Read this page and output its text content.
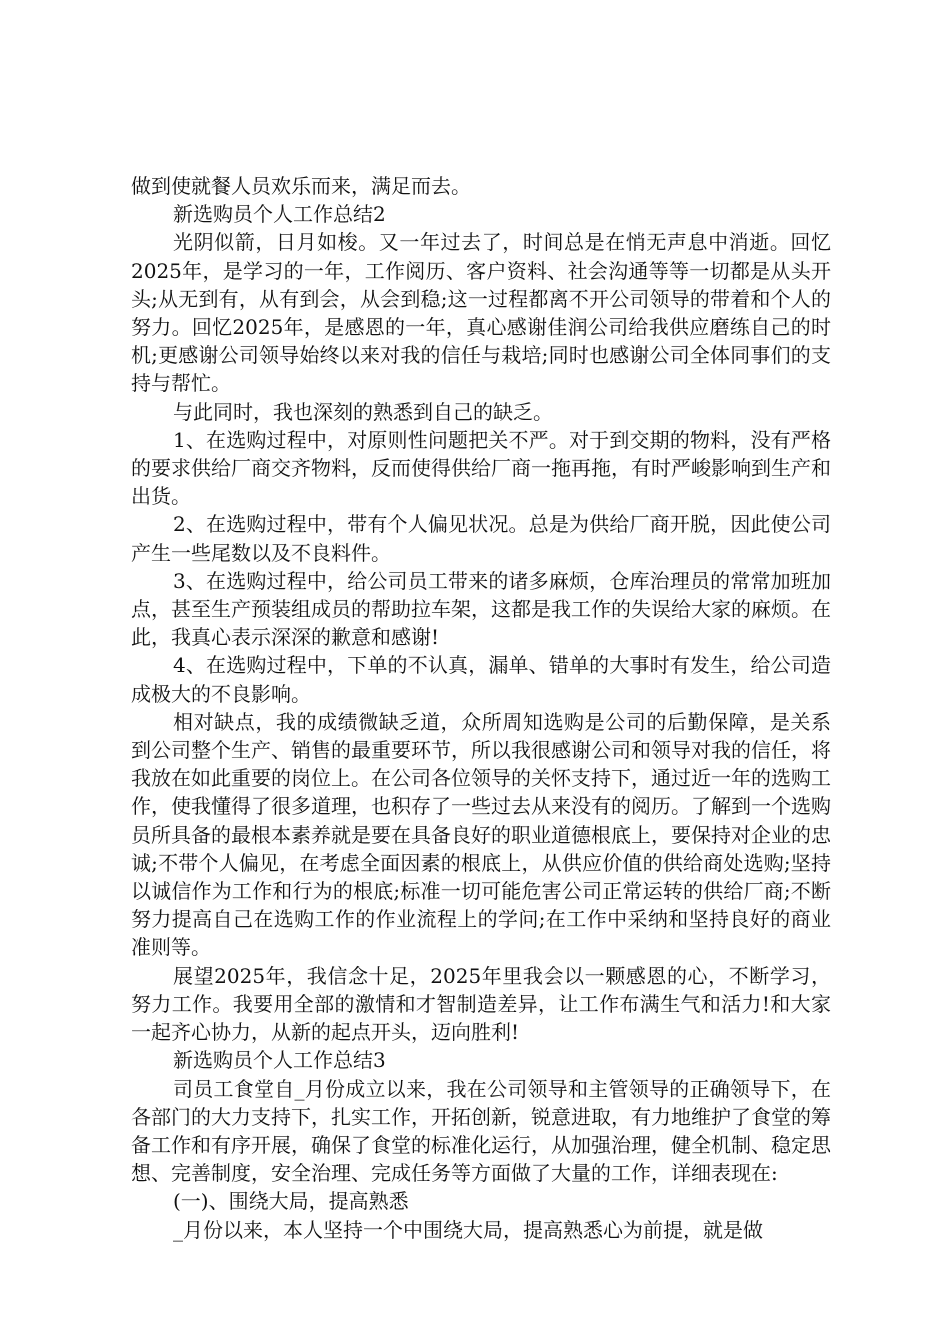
做到使就餐人员欢乐而来，满足而去。

新选购员个人工作总结2

光阴似箭，日月如梭。又一年过去了，时间总是在悄无声息中消逝。回忆2025年，是学习的一年，工作阅历、客户资料、社会沟通等等一切都是从头开头;从无到有，从有到会，从会到稳;这一过程都离不开公司领导的带着和个人的努力。回忆2025年，是感恩的一年，真心感谢佳润公司给我供应磨练自己的时机;更感谢公司领导始终以来对我的信任与栽培;同时也感谢公司全体同事们的支持与帮忙。

与此同时，我也深刻的熟悉到自己的缺乏。

1、在选购过程中，对原则性问题把关不严。对于到交期的物料，没有严格的要求供给厂商交齐物料，反而使得供给厂商一拖再拖，有时严峻影响到生产和出货。

2、在选购过程中，带有个人偏见状况。总是为供给厂商开脱，因此使公司产生一些尾数以及不良料件。

3、在选购过程中，给公司员工带来的诸多麻烦，仓库治理员的常常加班加点，甚至生产预装组成员的帮助拉车架，这都是我工作的失误给大家的麻烦。在此，我真心表示深深的歉意和感谢!

4、在选购过程中，下单的不认真，漏单、错单的大事时有发生，给公司造成极大的不良影响。

相对缺点，我的成绩微缺乏道，众所周知选购是公司的后勤保障，是关系到公司整个生产、销售的最重要环节，所以我很感谢公司和领导对我的信任，将我放在如此重要的岗位上。在公司各位领导的关怀支持下，通过近一年的选购工作，使我懂得了很多道理，也积存了一些过去从来没有的阅历。了解到一个选购员所具备的最根本素养就是要在具备良好的职业道德根底上，要保持对企业的忠诚;不带个人偏见，在考虑全面因素的根底上，从供应价值的供给商处选购;坚持以诚信作为工作和行为的根底;标准一切可能危害公司正常运转的供给厂商;不断努力提高自己在选购工作的作业流程上的学问;在工作中采纳和坚持良好的商业准则等。

展望2025年，我信念十足，2025年里我会以一颗感恩的心，不断学习，努力工作。我要用全部的激情和才智制造差异，让工作布满生气和活力!和大家一起齐心协力，从新的起点开头，迈向胜利!

新选购员个人工作总结3

司员工食堂自_月份成立以来，我在公司领导和主管领导的正确领导下，在各部门的大力支持下，扎实工作，开拓创新，锐意进取，有力地维护了食堂的筹备工作和有序开展，确保了食堂的标准化运行，从加强治理，健全机制、稳定思想、完善制度，安全治理、完成任务等方面做了大量的工作，详细表现在:

(一)、围绕大局，提高熟悉

_月份以来，本人坚持一个中围绕大局，提高熟悉心为前提，就是做
